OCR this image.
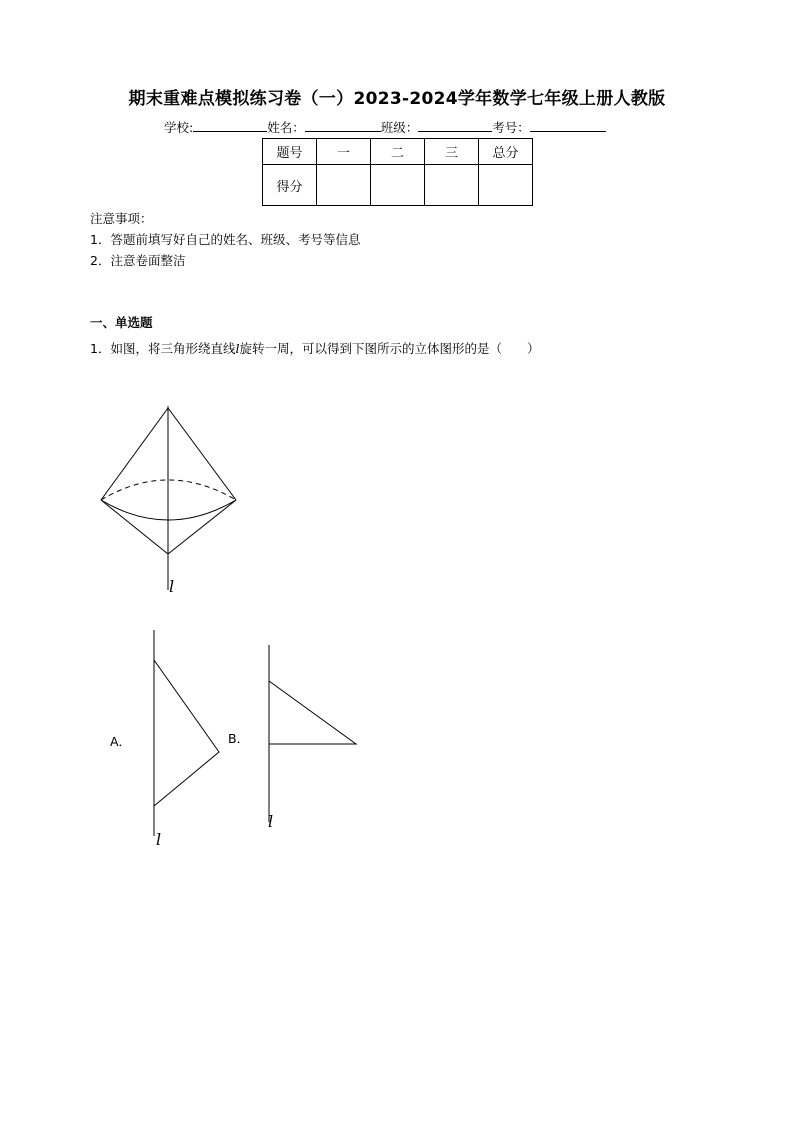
期末重难点模拟练习卷（一）2023-2024学年数学七年级上册人教版
学校:	姓名：	班级：	考号：
题号	一	二	三	总分
得分				
注意事项：
1．答题前填写好自己的姓名、班级、考号等信息
2．注意卷面整洁
一、单选题
1．如图，将三角形绕直线l旋转一周，可以得到下图所示的立体图形的是（　　）
l
A．
l
B．
l
